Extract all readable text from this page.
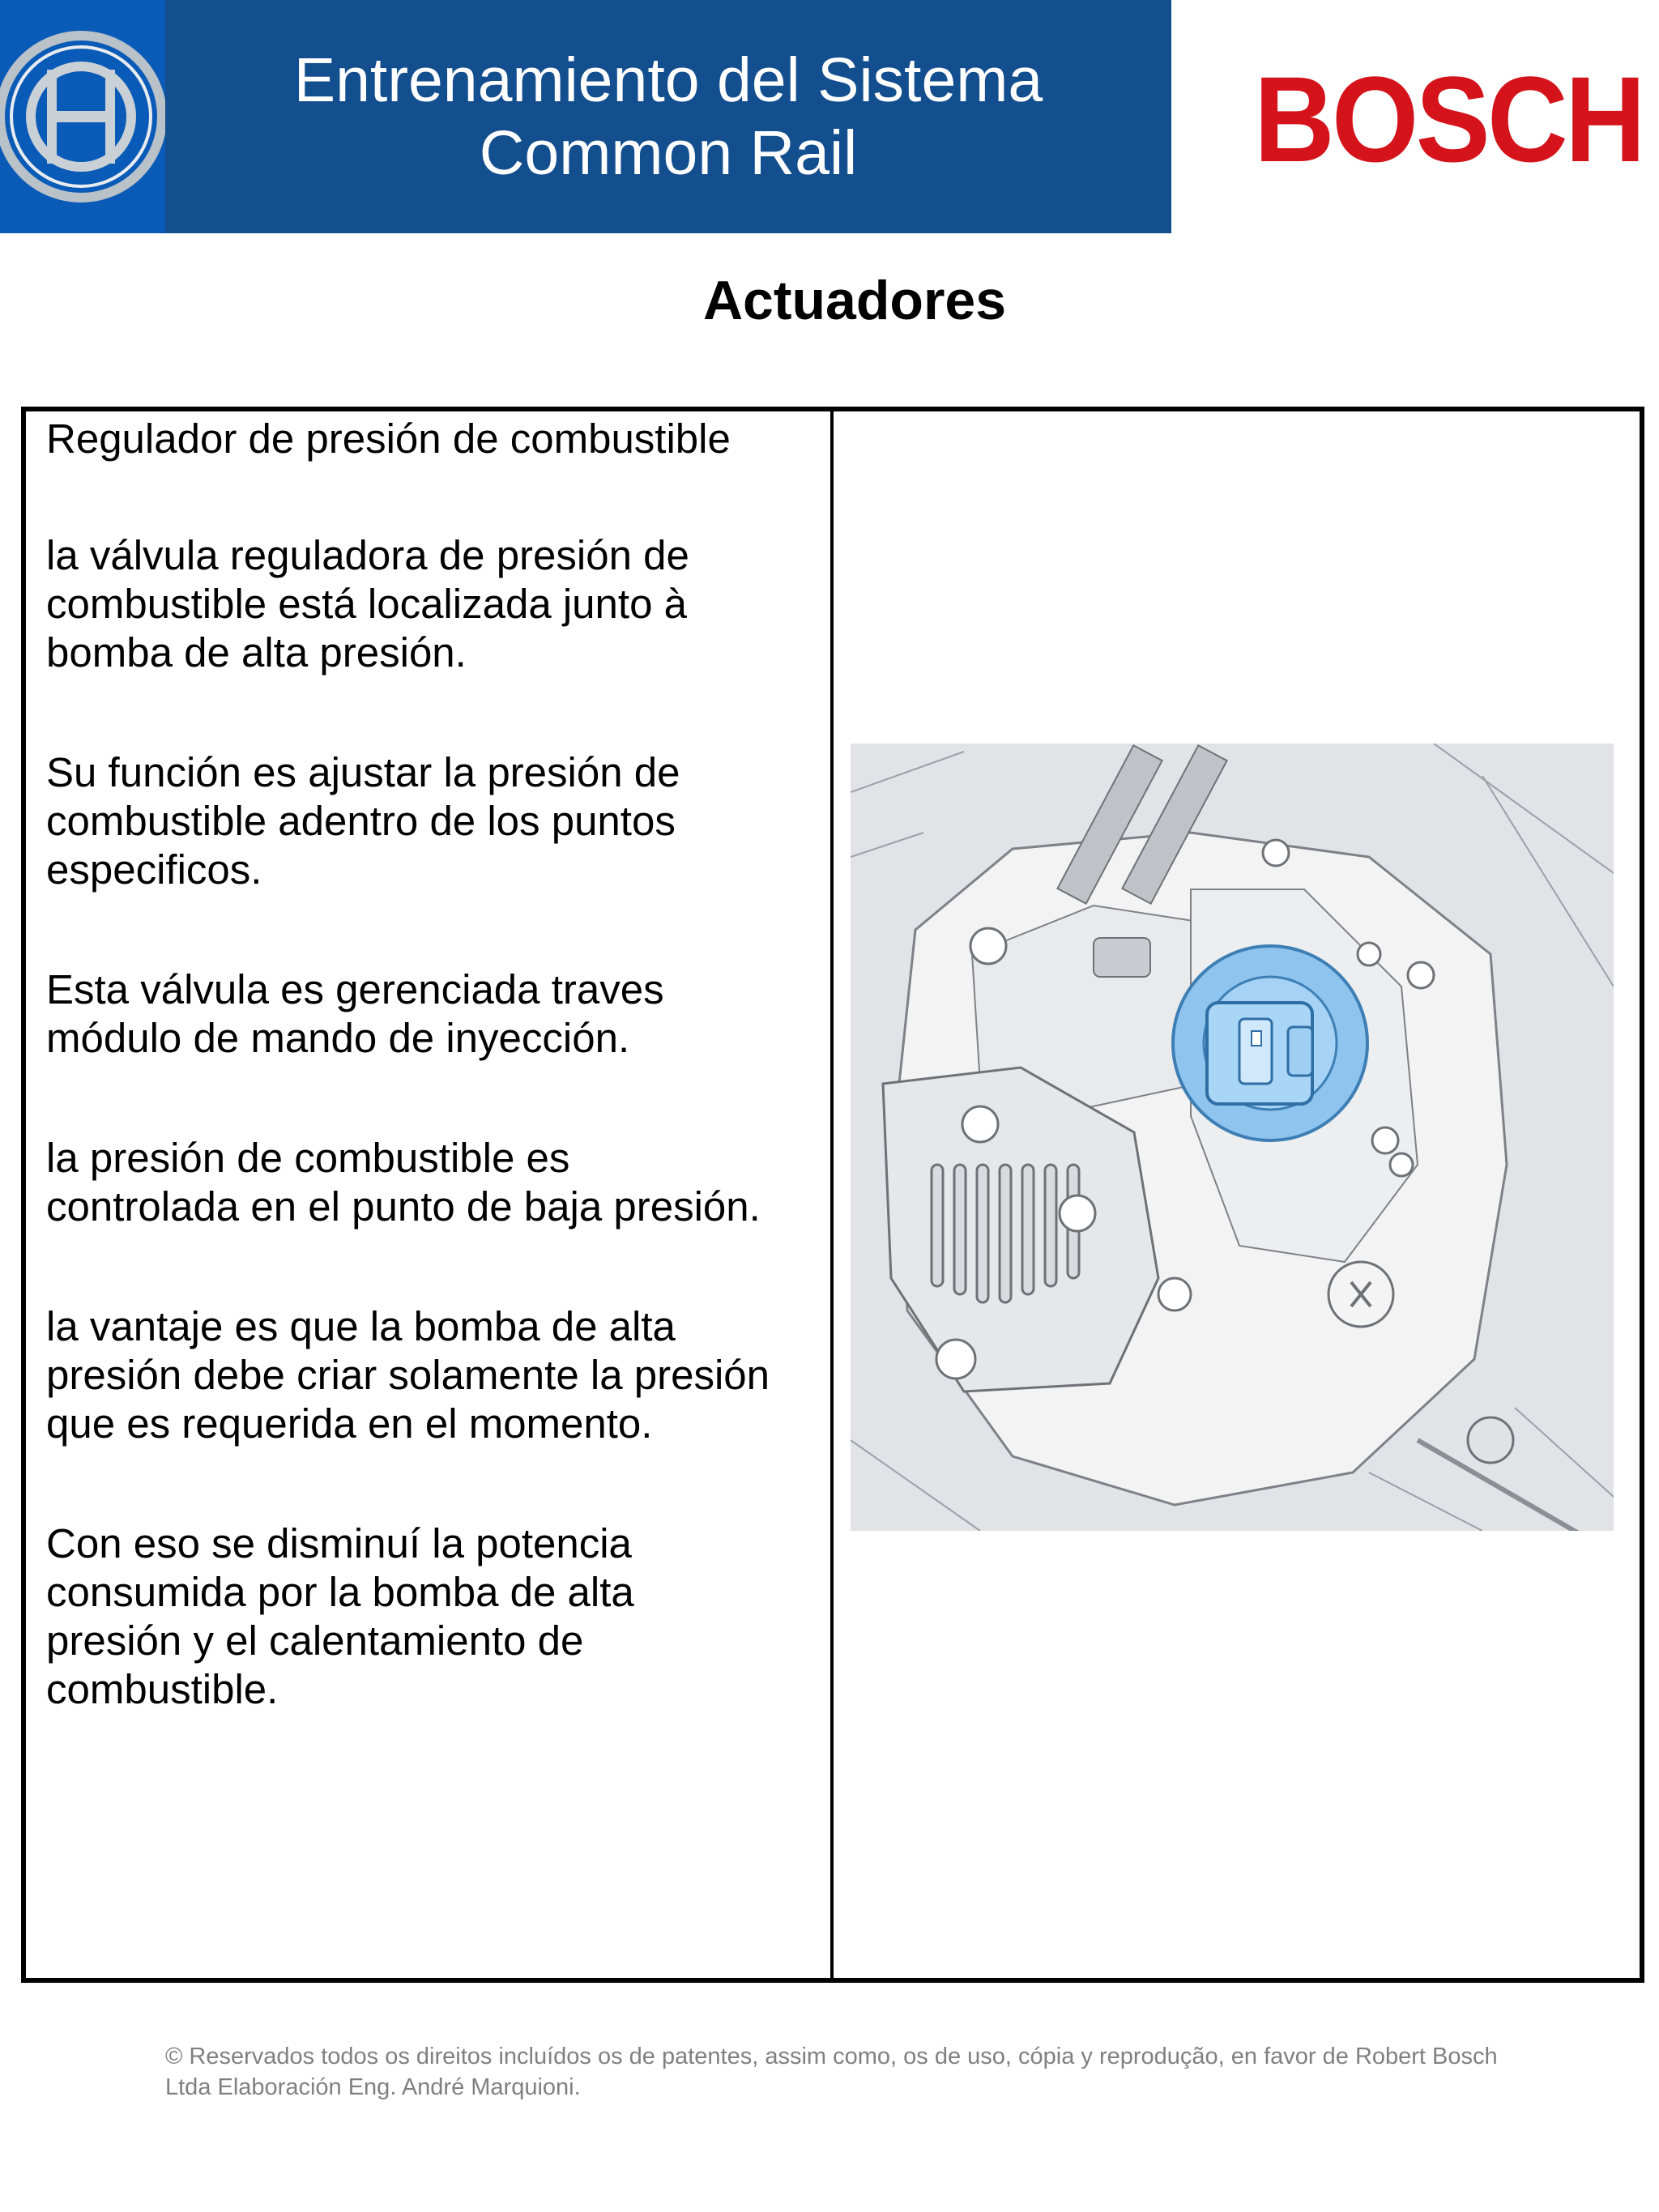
Entrenamiento del Sistema
Common Rail	BOSCH
Actuadores

Regulador de presión de combustible

la válvula reguladora de presión de
combustible está localizada junto à
bomba de alta presión.

Su función es ajustar la presión de
combustible adentro de los puntos
especificos.

Esta válvula es gerenciada traves
módulo de mando de inyección.

la presión de combustible es
controlada en el punto de baja presión.

la vantaje es que la bomba de alta
presión debe criar solamente la presión
que es requerida en el momento.

Con eso se disminuí la potencia
consumida por la bomba de alta
presión y el calentamiento de
combustible.

© Reservados todos os direitos incluídos os de patentes, assim como, os de uso, cópia y reprodução, en favor de Robert Bosch Ltda Elaboración Eng. André Marquioni.
